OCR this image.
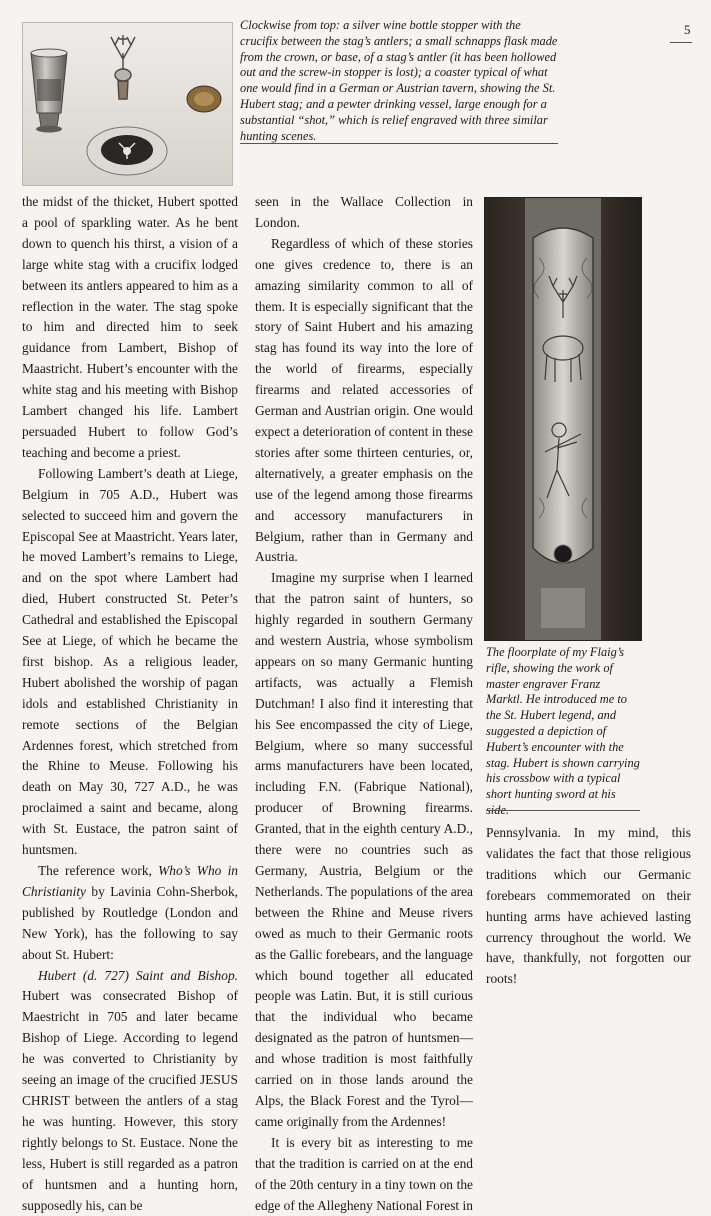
5

Clockwise from top: a silver wine bottle stopper with the crucifix between the stag’s antlers; a small schnapps flask made from the crown, or base, of a stag’s antler (it has been hollowed out and the screw-in stopper is lost); a coaster typical of what one would find in a German or Austrian tavern, showing the St. Hubert stag; and a pewter drinking vessel, large enough for a substantial “shot,” which is relief engraved with three similar hunting scenes.

the midst of the thicket, Hubert spotted a pool of sparkling water. As he bent down to quench his thirst, a vision of a large white stag with a crucifix lodged between its antlers appeared to him as a reflection in the water. The stag spoke to him and directed him to seek guidance from Lambert, Bishop of Maastricht. Hubert’s encounter with the white stag and his meeting with Bishop Lambert changed his life. Lambert persuaded Hubert to follow God’s teaching and become a priest.

Following Lambert’s death at Liege, Belgium in 705 A.D., Hubert was selected to succeed him and govern the Episcopal See at Maastricht. Years later, he moved Lambert’s remains to Liege, and on the spot where Lambert had died, Hubert constructed St. Peter’s Cathedral and established the Episcopal See at Liege, of which he became the first bishop. As a religious leader, Hubert abolished the worship of pagan idols and established Christianity in remote sections of the Belgian Ardennes forest, which stretched from the Rhine to Meuse. Following his death on May 30, 727 A.D., he was proclaimed a saint and became, along with St. Eustace, the patron saint of huntsmen.

The reference work, Who’s Who in Christianity by Lavinia Cohn-Sherbok, published by Routledge (London and New York), has the following to say about St. Hubert:

Hubert (d. 727) Saint and Bishop. Hubert was consecrated Bishop of Maestricht in 705 and later became Bishop of Liege. According to legend he was converted to Christianity by seeing an image of the crucified JESUS CHRIST between the antlers of a stag he was hunting. However, this story rightly belongs to St. Eustace. None the less, Hubert is still regarded as a patron of huntsmen and a hunting horn, supposedly his, can be

seen in the Wallace Collection in London.

Regardless of which of these stories one gives credence to, there is an amazing similarity common to all of them. It is especially significant that the story of Saint Hubert and his amazing stag has found its way into the lore of the world of firearms, especially firearms and related accessories of German and Austrian origin. One would expect a deterioration of content in these stories after some thirteen centuries, or, alternatively, a greater emphasis on the use of the legend among those firearms and accessory manufacturers in Belgium, rather than in Germany and Austria.

Imagine my surprise when I learned that the patron saint of hunters, so highly regarded in southern Germany and western Austria, whose symbolism appears on so many Germanic hunting artifacts, was actually a Flemish Dutchman! I also find it interesting that his See encompassed the city of Liege, Belgium, where so many successful arms manufacturers have been located, including F.N. (Fabrique National), producer of Browning firearms. Granted, that in the eighth century A.D., there were no countries such as Germany, Austria, Belgium or the Netherlands. The populations of the area between the Rhine and Meuse rivers owed as much to their Germanic roots as the Gallic forebears, and the language which bound together all educated people was Latin. But, it is still curious that the individual who became designated as the patron of huntsmen—and whose tradition is most faithfully carried on in those lands around the Alps, the Black Forest and the Tyrol—came originally from the Ardennes!

It is every bit as interesting to me that the tradition is carried on at the end of the 20th century in a tiny town on the edge of the Allegheny National Forest in

The floorplate of my Flaig’s rifle, showing the work of master engraver Franz Marktl. He introduced me to the St. Hubert legend, and suggested a depiction of Hubert’s encounter with the stag. Hubert is shown carrying his crossbow with a typical short hunting sword at his side.

Pennsylvania. In my mind, this validates the fact that those religious traditions which our Germanic forebears commemorated on their hunting arms have achieved lasting currency throughout the world. We have, thankfully, not forgotten our roots!
